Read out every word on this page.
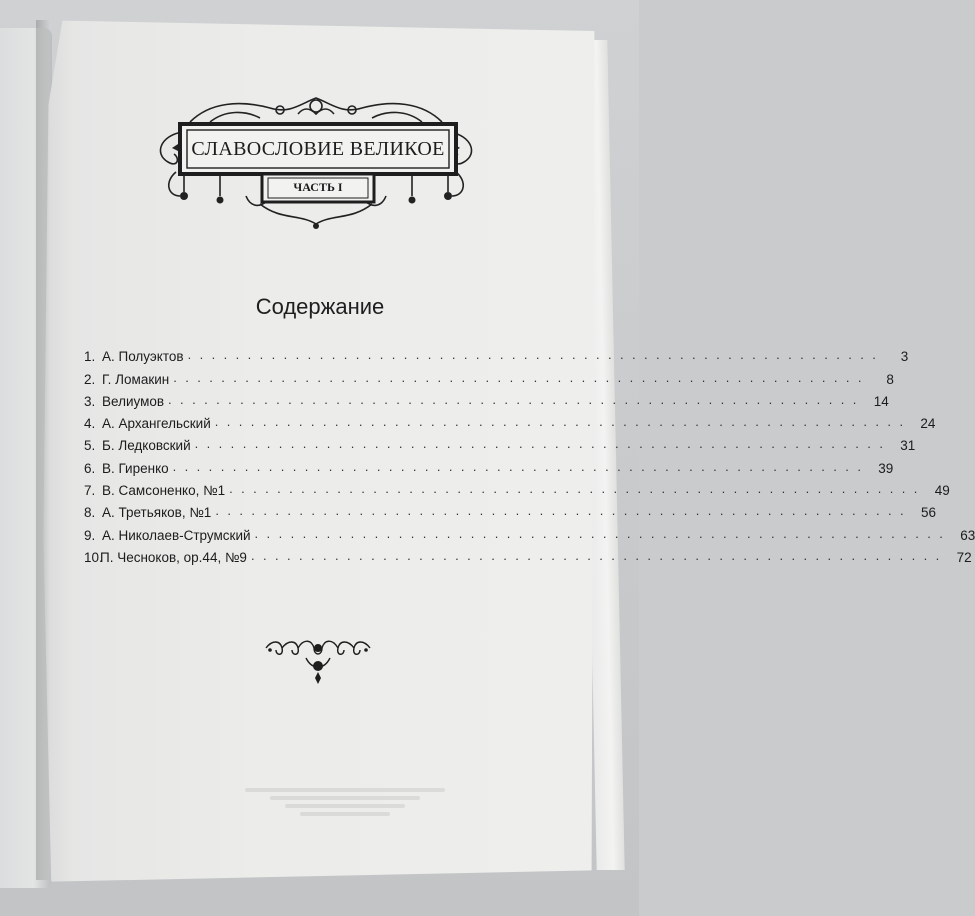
СЛАВОСЛОВИЕ ВЕЛИКОЕ
ЧАСТЬ I
Содержание
1. А. Полуэктов ..........................................................	3
2. Г. Ломакин ..........................................................	8
3. Велиумов .......................................................... 14
4. А. Архангельский .......................................................... 24
5. Б. Ледковский .......................................................... 31
6. В. Гиренко .......................................................... 39
7. В. Самсоненко, №1 .......................................................... 49
8. А. Третьяков, №1 .......................................................... 56
9. А. Николаев-Струмский .......................................................... 63
10.
П. Чесноков, ор.44, №9 .......................................................... 72
